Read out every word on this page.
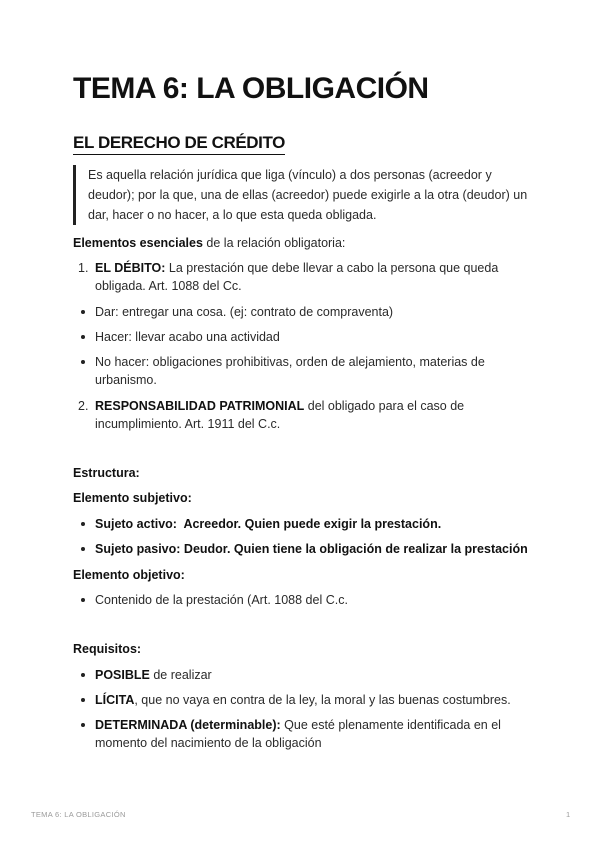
TEMA 6: LA OBLIGACIÓN
EL DERECHO DE CRÉDITO
Es aquella relación jurídica que liga (vínculo) a dos personas (acreedor y deudor); por la que, una de ellas (acreedor) puede exigirle a la otra (deudor) un dar, hacer o no hacer, a lo que esta queda obligada.
Elementos esenciales de la relación obligatoria:
1. EL DÉBITO: La prestación que debe llevar a cabo la persona que queda obligada. Art. 1088 del Cc.
Dar: entregar una cosa. (ej: contrato de compraventa)
Hacer: llevar acabo una actividad
No hacer: obligaciones prohibitivas, orden de alejamiento, materias de urbanismo.
2. RESPONSABILIDAD PATRIMONIAL del obligado para el caso de incumplimiento. Art. 1911 del C.c.
Estructura:
Elemento subjetivo:
Sujeto activo:  Acreedor. Quien puede exigir la prestación.
Sujeto pasivo: Deudor. Quien tiene la obligación de realizar la prestación
Elemento objetivo:
Contenido de la prestación (Art. 1088 del C.c.
Requisitos:
POSIBLE de realizar
LÍCITA, que no vaya en contra de la ley, la moral y las buenas costumbres.
DETERMINADA (determinable): Que esté plenamente identificada en el momento del nacimiento de la obligación
TEMA 6: LA OBLIGACIÓN	1
